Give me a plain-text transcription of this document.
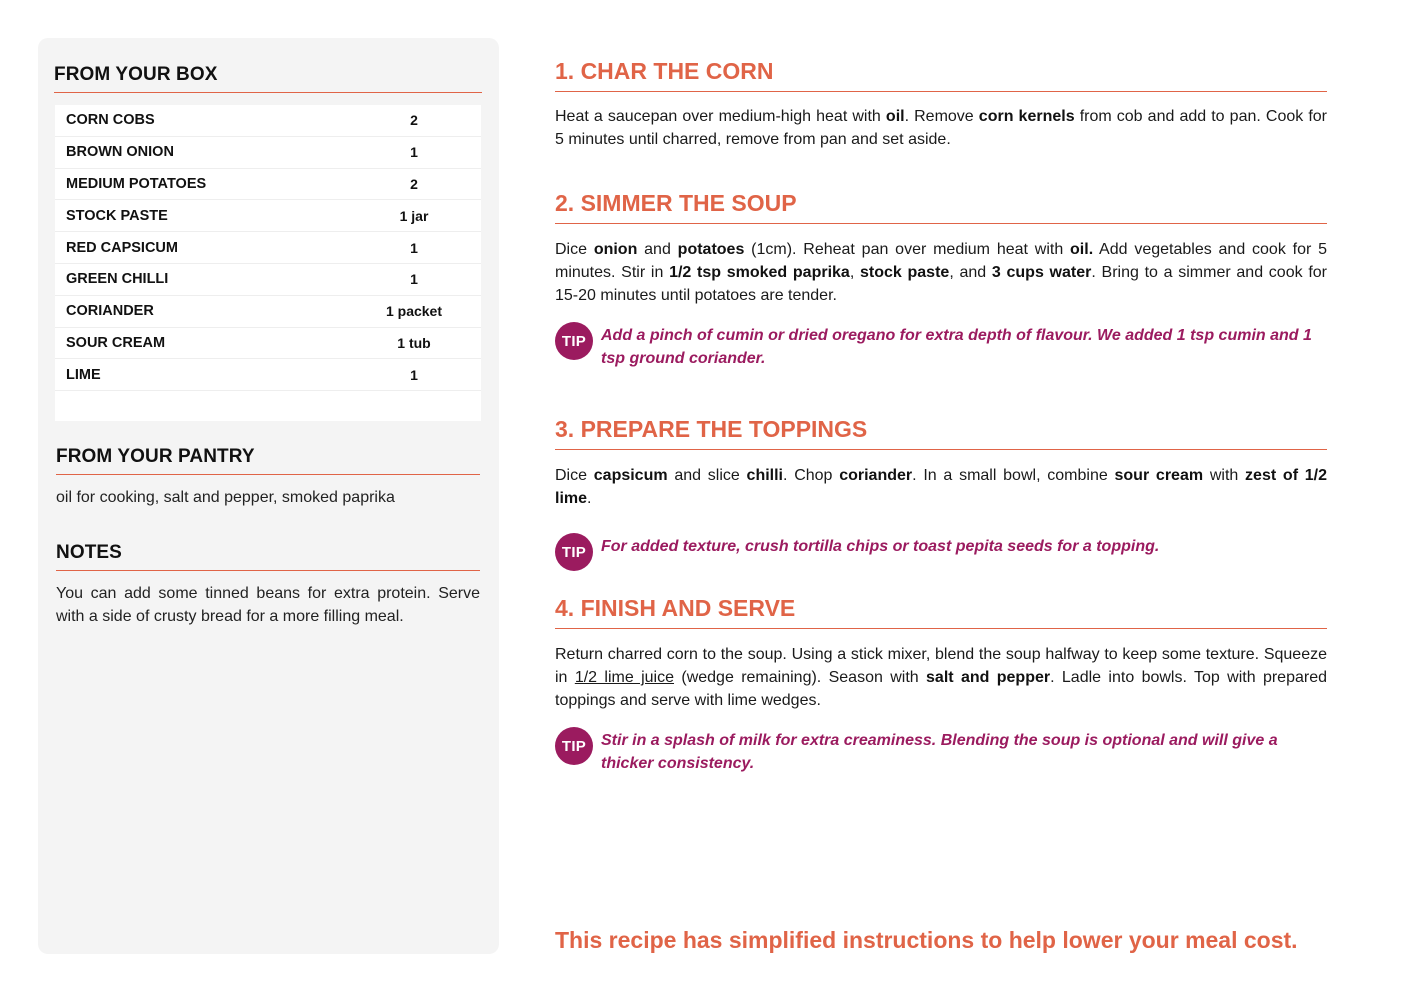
FROM YOUR BOX
CORN COBS	2
BROWN ONION	1
MEDIUM POTATOES	2
STOCK PASTE	1 jar
RED CAPSICUM	1
GREEN CHILLI	1
CORIANDER	1 packet
SOUR CREAM	1 tub
LIME	1
FROM YOUR PANTRY
oil for cooking, salt and pepper, smoked paprika
NOTES
You can add some tinned beans for extra protein. Serve with a side of crusty bread for a more filling meal.
1. CHAR THE CORN

Heat a saucepan over medium-high heat with oil. Remove corn kernels from cob and add to pan. Cook for 5 minutes until charred, remove from pan and set aside.

2. SIMMER THE SOUP

Dice onion and potatoes (1cm). Reheat pan over medium heat with oil. Add vegetables and cook for 5 minutes. Stir in 1/2 tsp smoked paprika, stock paste, and 3 cups water. Bring to a simmer and cook for 15-20 minutes until potatoes are tender.

TIP Add a pinch of cumin or dried oregano for extra depth of flavour. We added 1 tsp cumin and 1 tsp ground coriander.
3. PREPARE THE TOPPINGS

Dice capsicum and slice chilli. Chop coriander. In a small bowl, combine sour cream with zest of 1/2 lime.

TIP For added texture, crush tortilla chips or toast pepita seeds for a topping.
4. FINISH AND SERVE

Return charred corn to the soup. Using a stick mixer, blend the soup halfway to keep some texture. Squeeze in 1/2 lime juice (wedge remaining). Season with salt and pepper. Ladle into bowls. Top with prepared toppings and serve with lime wedges.

TIP Stir in a splash of milk for extra creaminess. Blending the soup is optional and will give a thicker consistency.
This recipe has simplified instructions to help lower your meal cost.
